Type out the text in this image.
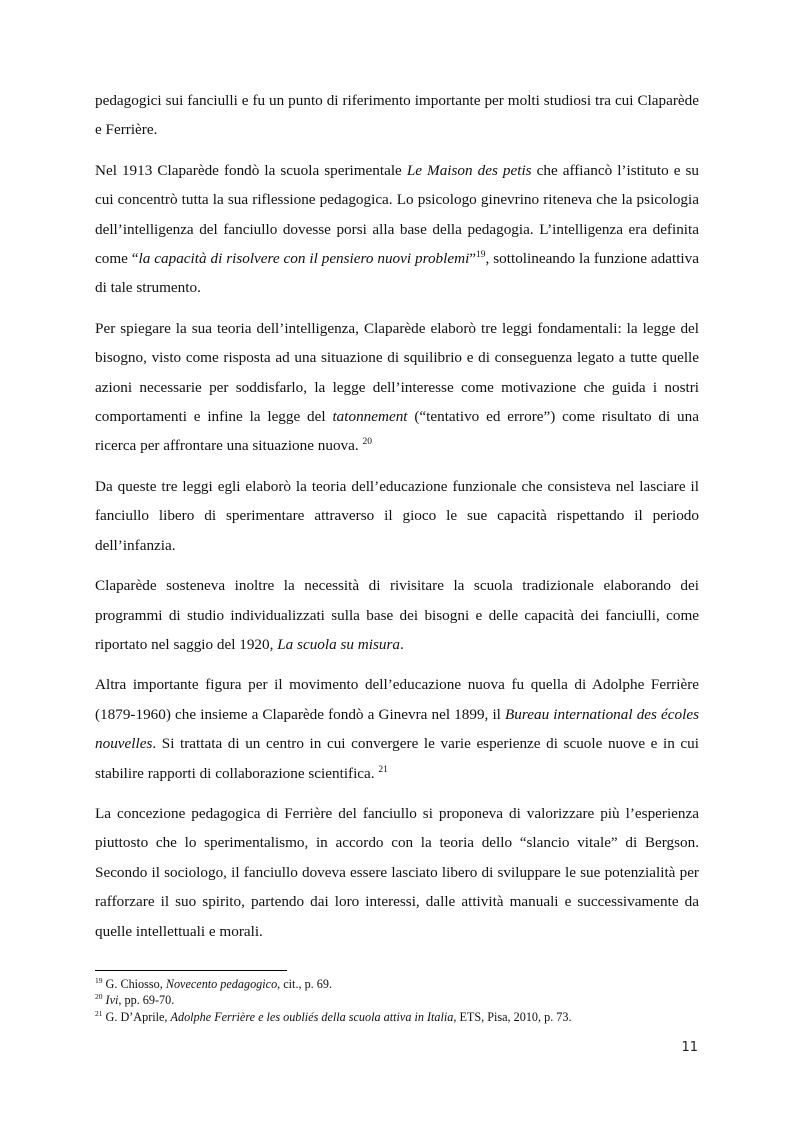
pedagogici sui fanciulli e fu un punto di riferimento importante per molti studiosi tra cui Claparède e Ferrière.

Nel 1913 Claparède fondò la scuola sperimentale Le Maison des petis che affiancò l’istituto e su cui concentrò tutta la sua riflessione pedagogica. Lo psicologo ginevrino riteneva che la psicologia dell’intelligenza del fanciullo dovesse porsi alla base della pedagogia. L’intelligenza era definita come “la capacità di risolvere con il pensiero nuovi problemi”$^{19}$, sottolineando la funzione adattiva di tale strumento.

Per spiegare la sua teoria dell’intelligenza, Claparède elaborò tre leggi fondamentali: la legge del bisogno, visto come risposta ad una situazione di squilibrio e di conseguenza legato a tutte quelle azioni necessarie per soddisfarlo, la legge dell’interesse come motivazione che guida i nostri comportamenti e infine la legge del tatonnement (“tentativo ed errore”) come risultato di una ricerca per affrontare una situazione nuova. $^{20}$

Da queste tre leggi egli elaborò la teoria dell’educazione funzionale che consisteva nel lasciare il fanciullo libero di sperimentare attraverso il gioco le sue capacità rispettando il periodo dell’infanzia.

Claparède sosteneva inoltre la necessità di rivisitare la scuola tradizionale elaborando dei programmi di studio individualizzati sulla base dei bisogni e delle capacità dei fanciulli, come riportato nel saggio del 1920, La scuola su misura.

Altra importante figura per il movimento dell’educazione nuova fu quella di Adolphe Ferrière (1879-1960) che insieme a Claparède fondò a Ginevra nel 1899, il Bureau international des écoles nouvelles. Si trattata di un centro in cui convergere le varie esperienze di scuole nuove e in cui stabilire rapporti di collaborazione scientifica. $^{21}$

La concezione pedagogica di Ferrière del fanciullo si proponeva di valorizzare più l’esperienza piuttosto che lo sperimentalismo, in accordo con la teoria dello “slancio vitale” di Bergson. Secondo il sociologo, il fanciullo doveva essere lasciato libero di sviluppare le sue potenzialità per rafforzare il suo spirito, partendo dai loro interessi, dalle attività manuali e successivamente da quelle intellettuali e morali.

$^{19}$ G. Chiosso, Novecento pedagogico, cit., p. 69.

$^{20}$ Ivi, pp. 69-70.

$^{21}$ G. D’Aprile, Adolphe Ferrière e les oubliés della scuola attiva in Italia, ETS, Pisa, 2010, p. 73.

11
